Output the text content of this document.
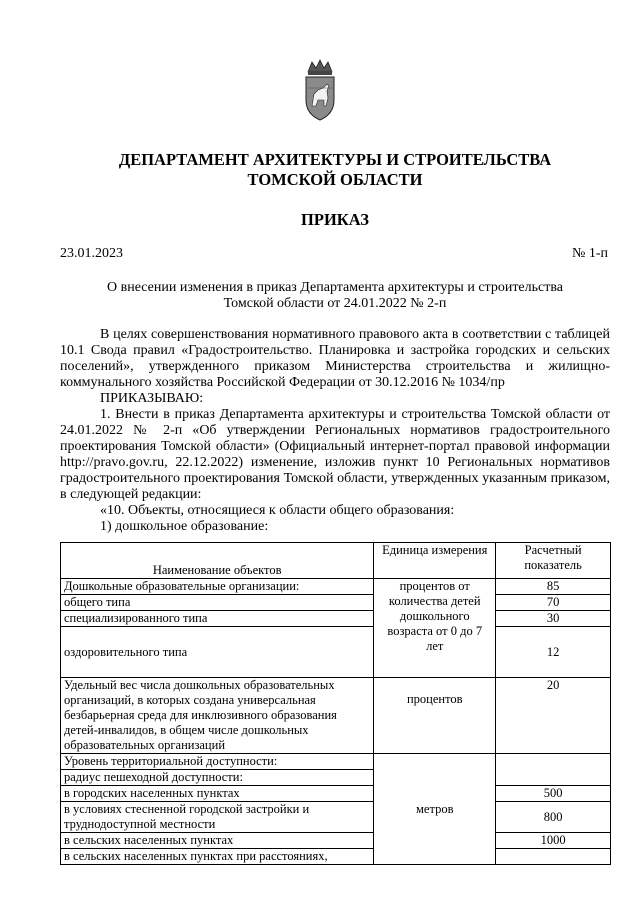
ДЕПАРТАМЕНТ АРХИТЕКТУРЫ И СТРОИТЕЛЬСТВА
ТОМСКОЙ ОБЛАСТИ
ПРИКАЗ
23.01.2023	№ 1-п
О внесении изменения в приказ Департамента архитектуры и строительства
Томской области от 24.01.2022 № 2-п

В целях совершенствования нормативного правового акта в соответствии с таблицей 10.1 Свода правил «Градостроительство. Планировка и застройка городских и сельских поселений», утвержденного приказом Министерства строительства и жилищно-коммунального хозяйства Российской Федерации от 30.12.2016 № 1034/пр

ПРИКАЗЫВАЮ:

1. Внести в приказ Департамента архитектуры и строительства Томской области от 24.01.2022 № 2-п «Об утверждении Региональных нормативов градостроительного проектирования Томской области» (Официальный интернет-портал правовой информации http://pravo.gov.ru, 22.12.2022) изменение, изложив пункт 10 Региональных нормативов градостроительного проектирования Томской области, утвержденных указанным приказом, в следующей редакции:

«10. Объекты, относящиеся к области общего образования:

1) дошкольное образование:

Наименование объектов	Единица измерения	Расчетный показатель
Дошкольные образовательные организации:	процентов от количества детей дошкольного возраста от 0 до 7 лет	85
общего типа		70
специализированного типа		30
оздоровительного типа		12
Удельный вес числа дошкольных образовательных организаций, в которых создана универсальная безбарьерная среда для инклюзивного образования детей-инвалидов, в общем числе дошкольных образовательных организаций	процентов	20
Уровень территориальной доступности:	метров	
радиус пешеходной доступности:		
в городских населенных пунктах		500
в условиях стесненной городской застройки и труднодоступной местности		800
в сельских населенных пунктах		1000
в сельских населенных пунктах при расстояниях,		
